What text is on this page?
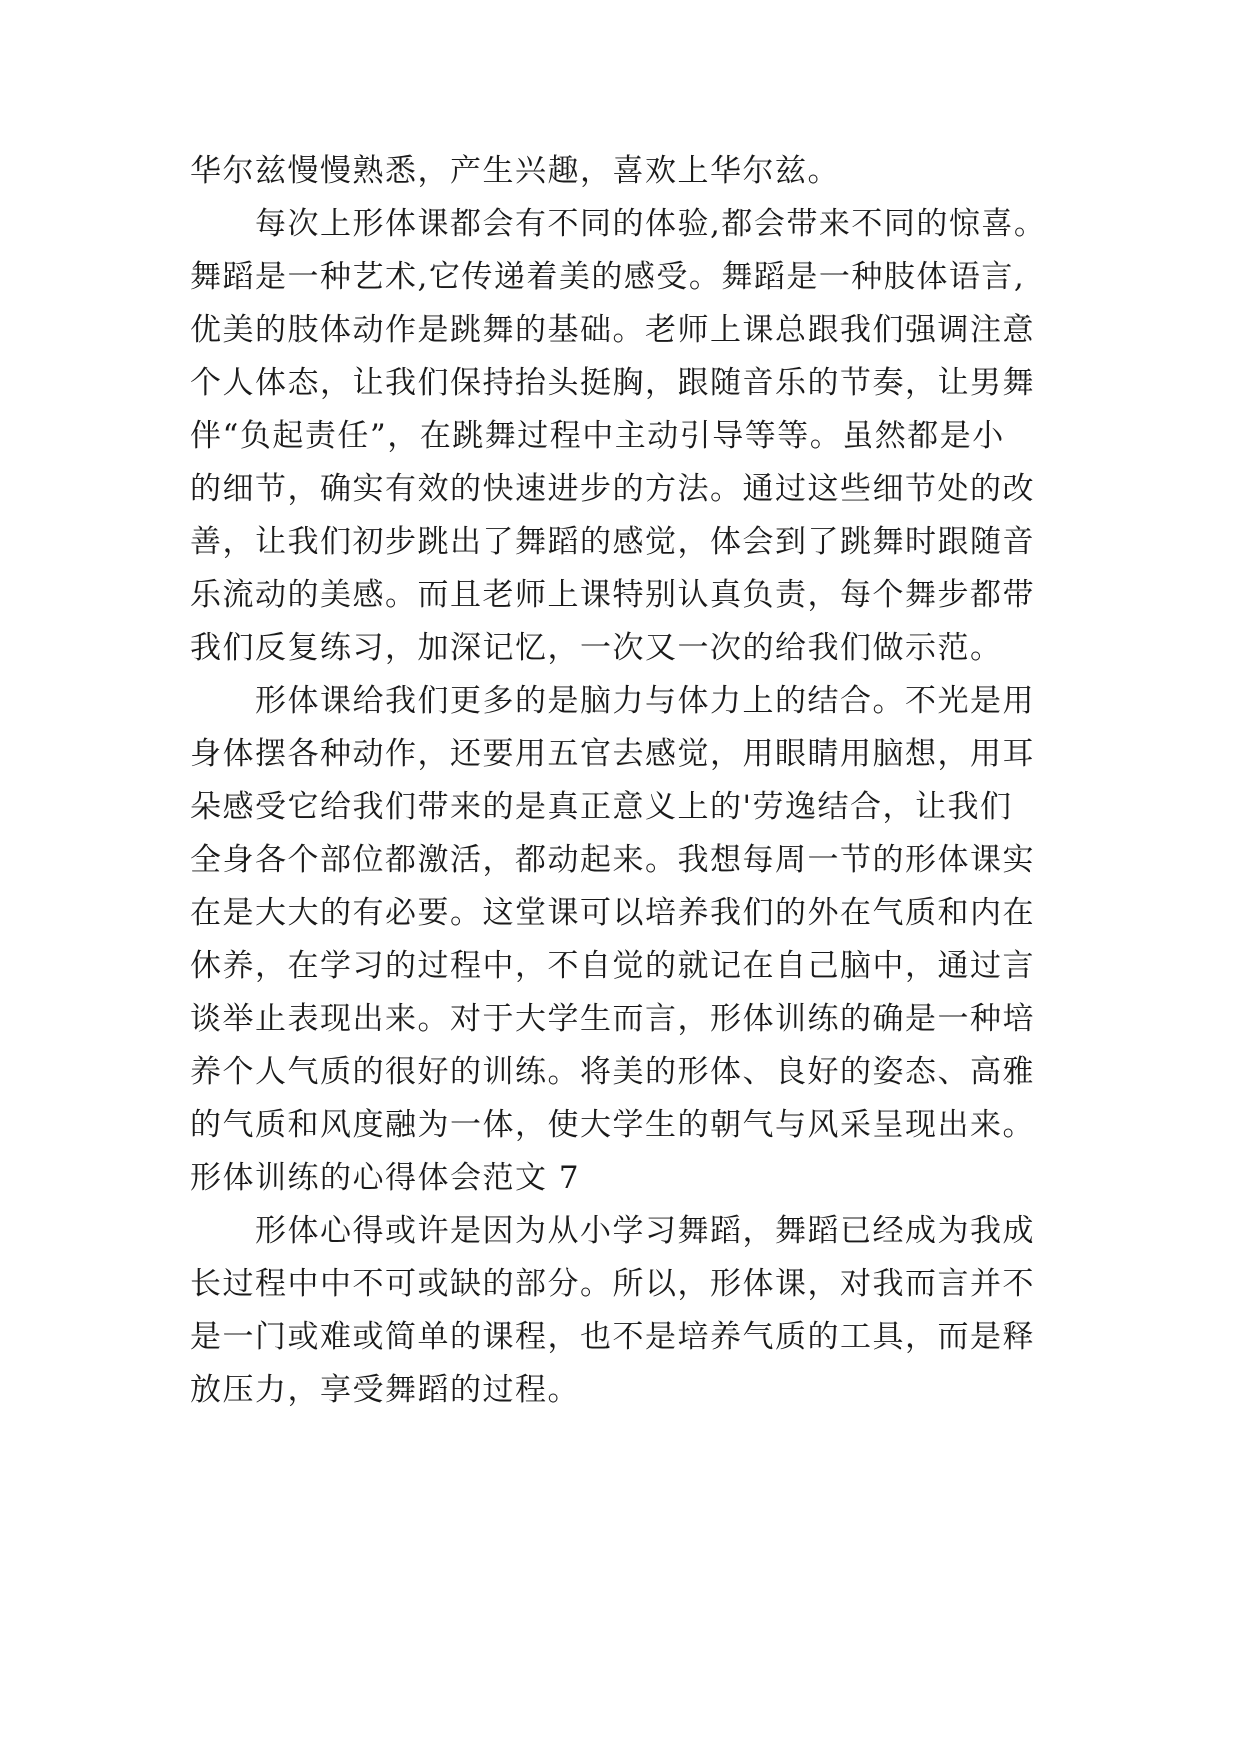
华尔兹慢慢熟悉，产生兴趣，喜欢上华尔兹。
　　每次上形体课都会有不同的体验,都会带来不同的惊喜。
舞蹈是一种艺术,它传递着美的感受。舞蹈是一种肢体语言,
优美的肢体动作是跳舞的基础。老师上课总跟我们强调注意
个人体态，让我们保持抬头挺胸，跟随音乐的节奏，让男舞
伴“负起责任”，在跳舞过程中主动引导等等。虽然都是小
的细节，确实有效的快速进步的方法。通过这些细节处的改
善，让我们初步跳出了舞蹈的感觉，体会到了跳舞时跟随音
乐流动的美感。而且老师上课特别认真负责，每个舞步都带
我们反复练习，加深记忆，一次又一次的给我们做示范。
　　形体课给我们更多的是脑力与体力上的结合。不光是用
身体摆各种动作，还要用五官去感觉，用眼睛用脑想，用耳
朵感受它给我们带来的是真正意义上的'劳逸结合，让我们
全身各个部位都激活，都动起来。我想每周一节的形体课实
在是大大的有必要。这堂课可以培养我们的外在气质和内在
休养，在学习的过程中，不自觉的就记在自己脑中，通过言
谈举止表现出来。对于大学生而言，形体训练的确是一种培
养个人气质的很好的训练。将美的形体、良好的姿态、高雅
的气质和风度融为一体，使大学生的朝气与风采呈现出来。
形体训练的心得体会范文 7
　　形体心得或许是因为从小学习舞蹈，舞蹈已经成为我成
长过程中中不可或缺的部分。所以，形体课，对我而言并不
是一门或难或简单的课程，也不是培养气质的工具，而是释
放压力，享受舞蹈的过程。
